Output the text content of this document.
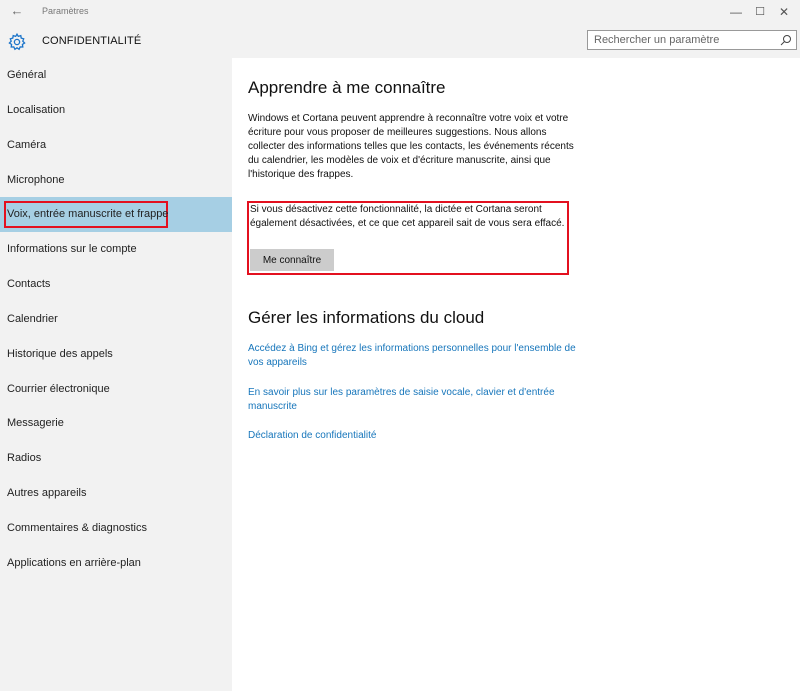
← Paramètres	—	☐	✕
CONFIDENTIALITÉ
Rechercher un paramètre
Général
Localisation
Caméra
Microphone
Voix, entrée manuscrite et frappe
Informations sur le compte
Contacts
Calendrier
Historique des appels
Courrier électronique
Messagerie
Radios
Autres appareils
Commentaires & diagnostics
Applications en arrière-plan
Apprendre à me connaître
Windows et Cortana peuvent apprendre à reconnaître votre voix et votre écriture pour vous proposer de meilleures suggestions. Nous allons collecter des informations telles que les contacts, les événements récents du calendrier, les modèles de voix et d'écriture manuscrite, ainsi que l'historique des frappes.
Si vous désactivez cette fonctionnalité, la dictée et Cortana seront également désactivées, et ce que cet appareil sait de vous sera effacé.
Me connaître
Gérer les informations du cloud
Accédez à Bing et gérez les informations personnelles pour l'ensemble de vos appareils
En savoir plus sur les paramètres de saisie vocale, clavier et d'entrée manuscrite
Déclaration de confidentialité
